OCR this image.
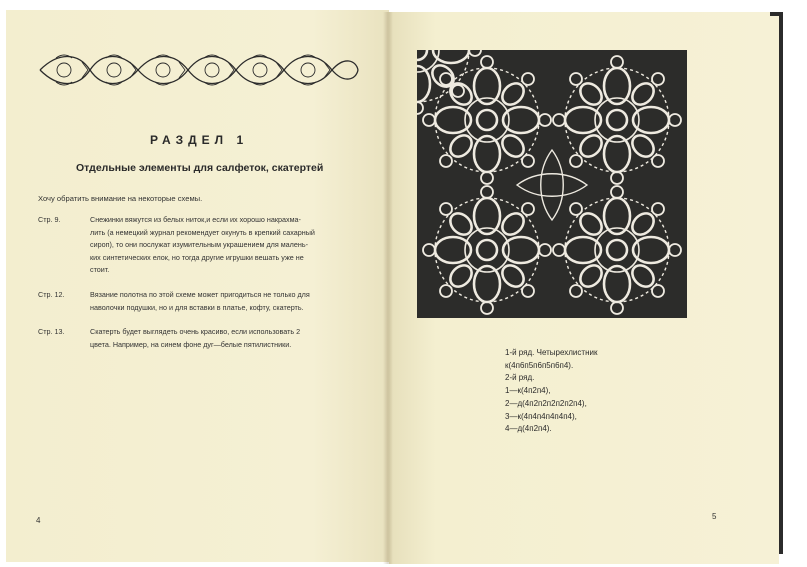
РАЗДЕЛ 1
Отдельные элементы для салфеток, скатертей
Хочу обратить внимание на некоторые схемы.
Стр. 9.	Снежинки вяжутся из белых ниток,и если их хорошо накрахма-
лить (а немецкий журнал рекомендует окунуть в крепкий сахарный
сироп), то они послужат изумительным украшением для малень-
ких синтетических елок, но тогда другие игрушки вешать уже не
стоит.
Стр. 12.	Вязание полотна по этой схеме может пригодиться не только для
наволочки подушки, но и для вставки в платье, кофту, скатерть.
Стр. 13.	Скатерть будет выглядеть очень красиво, если использовать 2
цвета. Например, на синем фоне дуг—белые пятилистники.
4
1-й ряд. Четырехлистник
к(4п6п5п6п5п6п4).
2-й ряд.
1—к(4п2п4),
2—д(4п2п2п2п2п2п4),
3—к(4п4п4п4п4п4),
4—д(4п2п4).
5
